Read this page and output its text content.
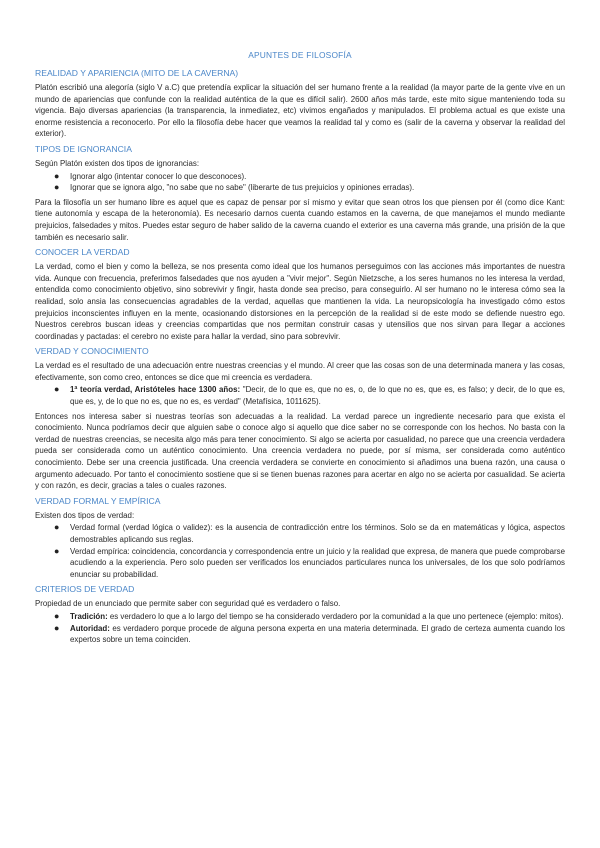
APUNTES DE FILOSOFÍA
REALIDAD Y APARIENCIA (MITO DE LA CAVERNA)

Platón escribió una alegoría (siglo V a.C) que pretendía explicar la situación del ser humano frente a la realidad (la mayor parte de la gente vive en un mundo de apariencias que confunde con la realidad auténtica de la que es difícil salir). 2600 años más tarde, este mito sigue manteniendo toda su vigencia. Bajo diversas apariencias (la transparencia, la inmediatez, etc) vivimos engañados y manipulados. El problema actual es que existe una enorme resistencia a reconocerlo. Por ello la filosofía debe hacer que veamos la realidad tal y como es (salir de la caverna y observar la realidad del exterior).

TIPOS DE IGNORANCIA

Según Platón existen dos tipos de ignorancias:

● Ignorar algo (intentar conocer lo que desconoces).
● Ignorar que se ignora algo, "no sabe que no sabe" (liberarte de tus prejuicios y opiniones erradas).

Para la filosofía un ser humano libre es aquel que es capaz de pensar por sí mismo y evitar que sean otros los que piensen por él (como dice Kant: tiene autonomía y escapa de la heteronomía). Es necesario darnos cuenta cuando estamos en la caverna, de que manejamos el mundo mediante prejuicios, falsedades y mitos. Puedes estar seguro de haber salido de la caverna cuando el exterior es una caverna más grande, una prisión de la que también es necesario salir.

CONOCER LA VERDAD

La verdad, como el bien y como la belleza, se nos presenta como ideal que los humanos perseguimos con las acciones más importantes de nuestra vida. Aunque con frecuencia, preferimos falsedades que nos ayuden a "vivir mejor". Según Nietzsche, a los seres humanos no les interesa la verdad, entendida como conocimiento objetivo, sino sobrevivir y fingir, hasta donde sea preciso, para conseguirlo. Al ser humano no le interesa cómo sea la realidad, solo ansia las consecuencias agradables de la verdad, aquellas que mantienen la vida. La neuropsicología ha investigado cómo estos prejuicios inconscientes influyen en la mente, ocasionando distorsiones en la percepción de la realidad si de este modo se defiende nuestro ego. Nuestros cerebros buscan ideas y creencias compartidas que nos permitan construir casas y utensilios que nos sirvan para llegar a acciones coordinadas y pactadas: el cerebro no existe para hallar la verdad, sino para sobrevivir.

VERDAD Y CONOCIMIENTO

La verdad es el resultado de una adecuación entre nuestras creencias y el mundo. Al creer que las cosas son de una determinada manera y las cosas, efectivamente, son como creo, entonces se dice que mi creencia es verdadera.

● 1ª teoría verdad, Aristóteles hace 1300 años: "Decir, de lo que es, que no es, o, de lo que no es, que es, es falso; y decir, de lo que es, que es, y, de lo que no es, que no es, es verdad" (Metafísica, 1011625).

Entonces nos interesa saber si nuestras teorías son adecuadas a la realidad. La verdad parece un ingrediente necesario para que exista el conocimiento. Nunca podríamos decir que alguien sabe o conoce algo si aquello que dice saber no se corresponde con los hechos. No basta con la verdad de nuestras creencias, se necesita algo más para tener conocimiento. Si algo se acierta por casualidad, no parece que una creencia verdadera pueda ser considerada como un auténtico conocimiento. Una creencia verdadera no puede, por sí misma, ser considerada como auténtico conocimiento. Debe ser una creencia justificada. Una creencia verdadera se convierte en conocimiento si añadimos una buena razón, una causa o argumento adecuado. Por tanto el conocimiento sostiene que si se tienen buenas razones para acertar en algo no se acierta por casualidad. Se acierta y con razón, es decir, gracias a tales o cuales razones.

VERDAD FORMAL Y EMPÍRICA

Existen dos tipos de verdad:

● Verdad formal (verdad lógica o validez): es la ausencia de contradicción entre los términos. Solo se da en matemáticas y lógica, aspectos demostrables aplicando sus reglas.
● Verdad empírica: coincidencia, concordancia y correspondencia entre un juicio y la realidad que expresa, de manera que puede comprobarse acudiendo a la experiencia. Pero solo pueden ser verificados los enunciados particulares nunca los universales, de los que solo podríamos enunciar su probabilidad.
CRITERIOS DE VERDAD

Propiedad de un enunciado que permite saber con seguridad qué es verdadero o falso.

● Tradición: es verdadero lo que a lo largo del tiempo se ha considerado verdadero por la comunidad a la que uno pertenece (ejemplo: mitos).
● Autoridad: es verdadero porque procede de alguna persona experta en una materia determinada. El grado de certeza aumenta cuando los expertos sobre un tema coinciden.
